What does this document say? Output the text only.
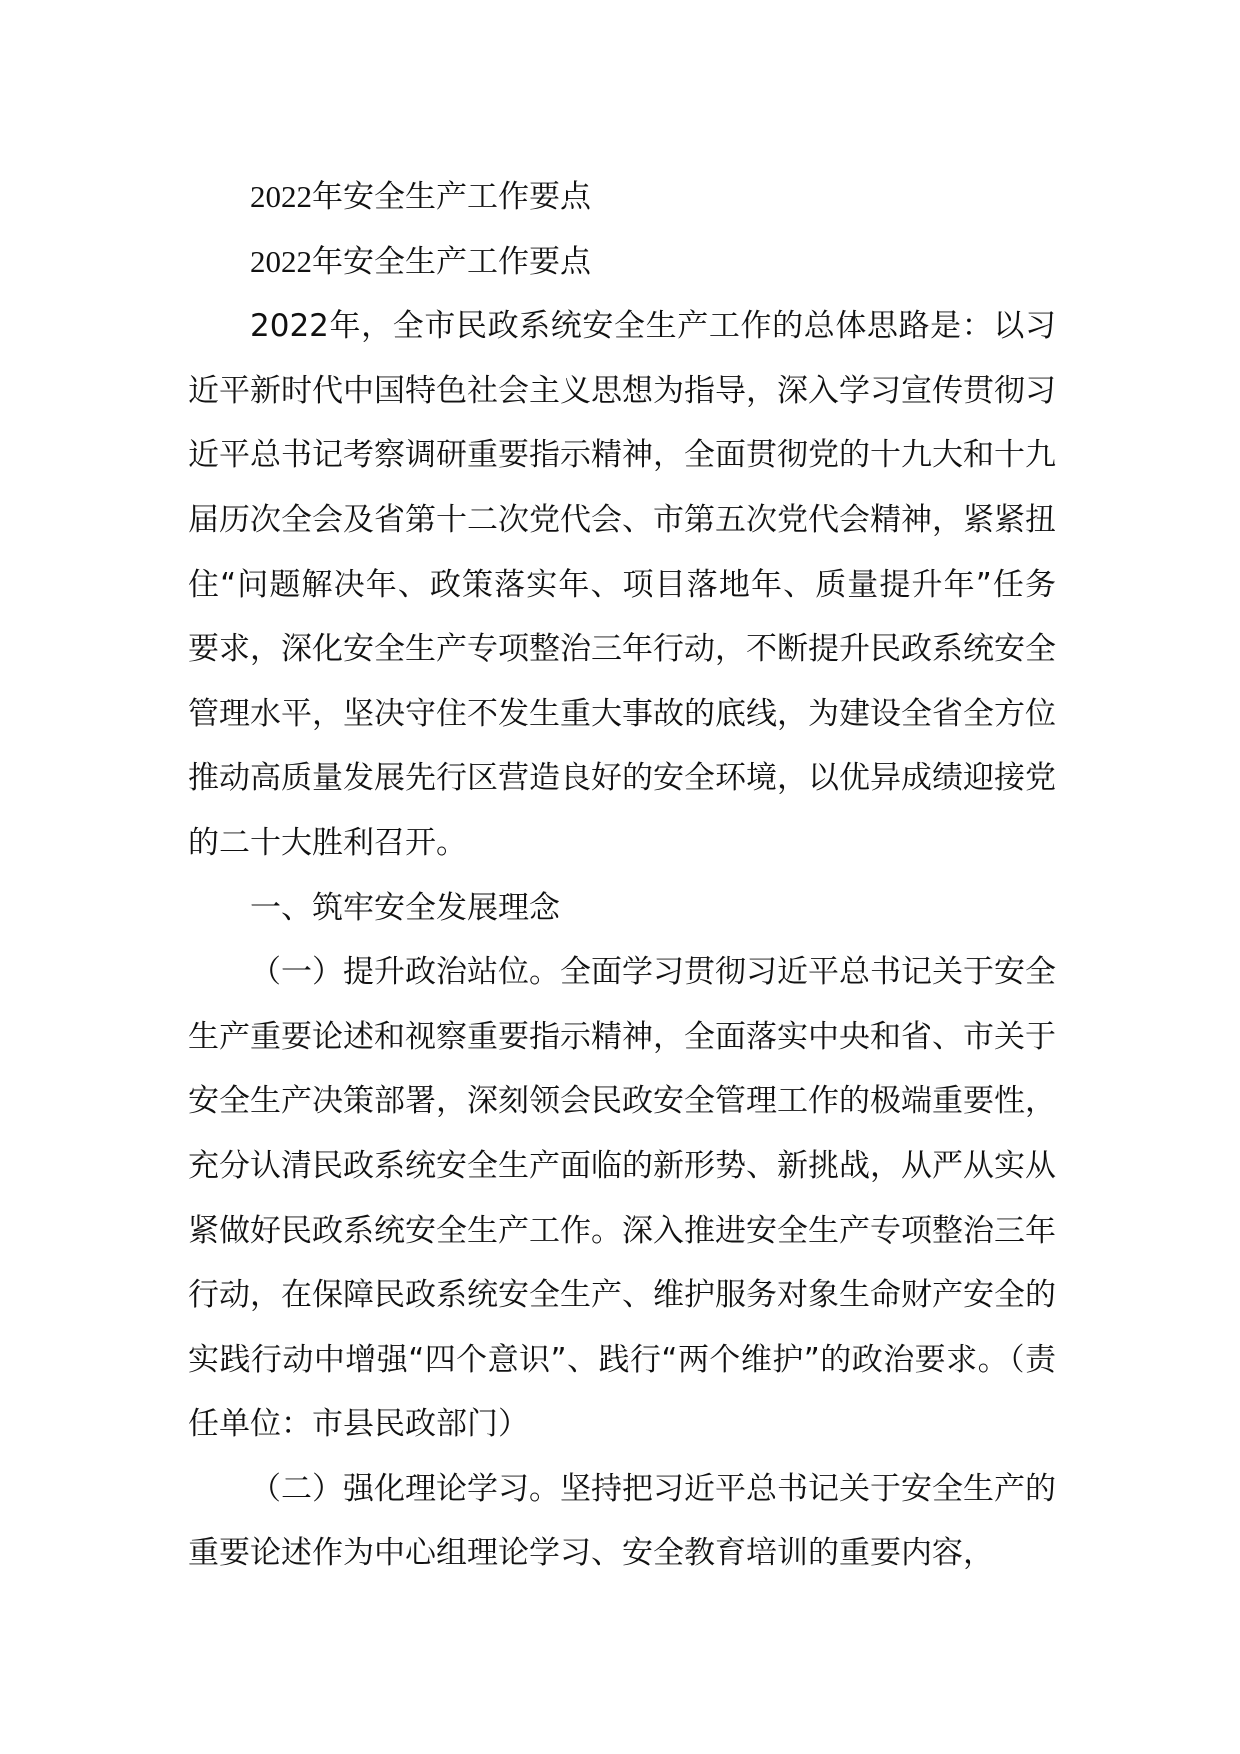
2022年安全生产工作要点

2022年安全生产工作要点

2022年，全市民政系统安全生产工作的总体思路是：以习近平新时代中国特色社会主义思想为指导，深入学习宣传贯彻习近平总书记考察调研重要指示精神，全面贯彻党的十九大和十九届历次全会及省第十二次党代会、市第五次党代会精神，紧紧扭住“问题解决年、政策落实年、项目落地年、质量提升年”任务要求，深化安全生产专项整治三年行动，不断提升民政系统安全管理水平，坚决守住不发生重大事故的底线，为建设全省全方位推动高质量发展先行区营造良好的安全环境，以优异成绩迎接党的二十大胜利召开。

一、筑牢安全发展理念

（一）提升政治站位。全面学习贯彻习近平总书记关于安全生产重要论述和视察重要指示精神，全面落实中央和省、市关于安全生产决策部署，深刻领会民政安全管理工作的极端重要性，充分认清民政系统安全生产面临的新形势、新挑战，从严从实从紧做好民政系统安全生产工作。深入推进安全生产专项整治三年行动，在保障民政系统安全生产、维护服务对象生命财产安全的实践行动中增强“四个意识”、践行“两个维护”的政治要求。（责任单位：市县民政部门）

（二）强化理论学习。坚持把习近平总书记关于安全生产的重要论述作为中心组理论学习、安全教育培训的重要内容，
